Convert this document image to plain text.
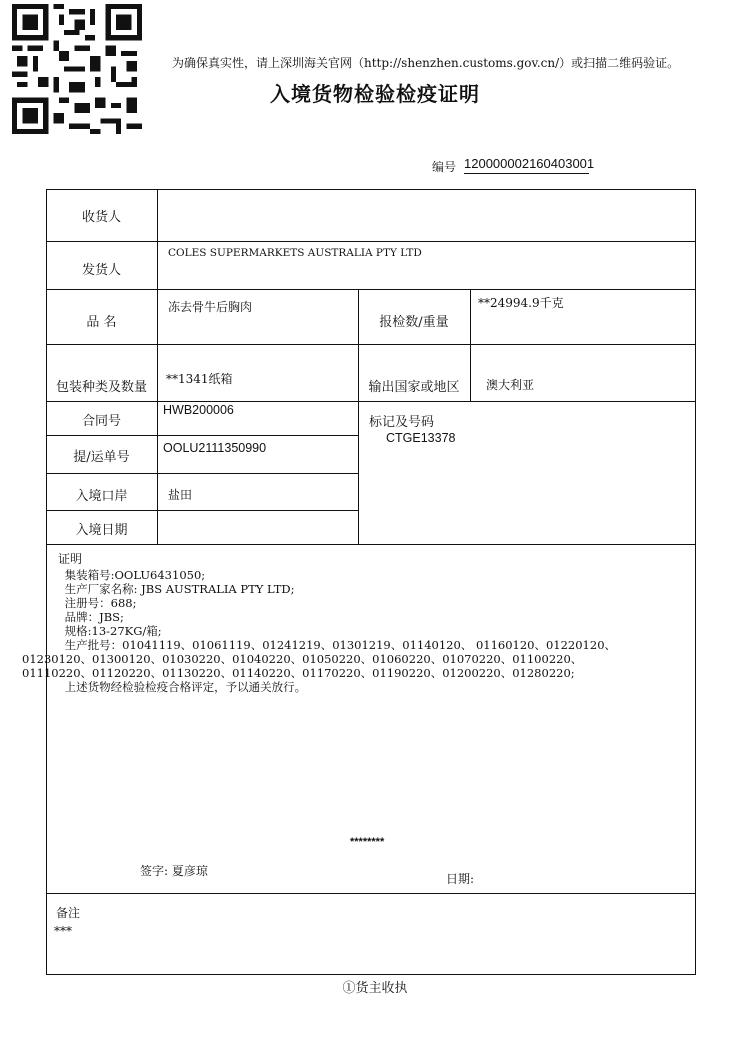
为确保真实性，请上深圳海关官网（http://shenzhen.customs.gov.cn/）或扫描二维码验证。
入境货物检验检疫证明
编号 120000002160403001
收货人
发货人
COLES SUPERMARKETS AUSTRALIA PTY LTD
品 名
冻去骨牛后胸肉
报检数/重量
**24994.9千克
包装种类及数量
**1341纸箱
输出国家或地区	澳大利亚
合同号
HWB200006
标记及号码
CTGE13378
提/运单号
OOLU2111350990
入境口岸	盐田
入境日期
证明
集装箱号:OOLU6431050;
生产厂家名称: JBS AUSTRALIA PTY LTD;
注册号：688;
品牌：JBS;
规格:13-27KG/箱;
生产批号：01041119、01061119、01241219、01301219、01140120、 01160120、01220120、
01230120、01300120、01030220、01040220、01050220、01060220、01070220、01100220、
01110220、01120220、01130220、01140220、01170220、01190220、01200220、01280220;
上述货物经检验检疫合格评定，予以通关放行。
********
签字: 夏彦琼
日期:
备注
***
①货主收执
